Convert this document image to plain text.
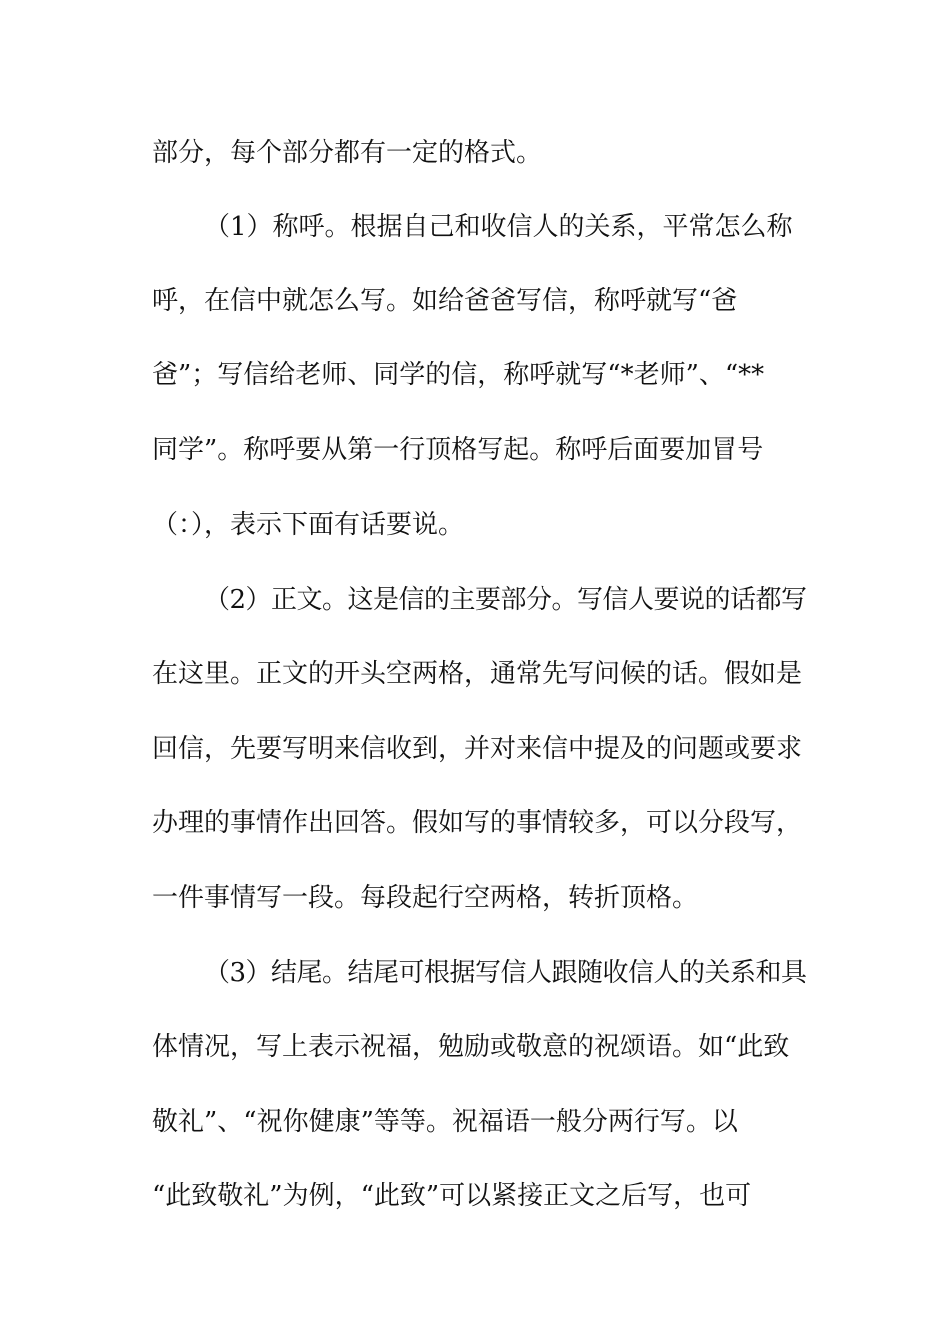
部分，每个部分都有一定的格式。
（1）称呼。根据自己和收信人的关系，平常怎么称
呼，在信中就怎么写。如给爸爸写信，称呼就写“爸
爸”；写信给老师、同学的信，称呼就写“*老师”、“**
同学”。称呼要从第一行顶格写起。称呼后面要加冒号
（：），表示下面有话要说。
（2）正文。这是信的主要部分。写信人要说的话都写
在这里。正文的开头空两格，通常先写问候的话。假如是
回信，先要写明来信收到，并对来信中提及的问题或要求
办理的事情作出回答。假如写的事情较多，可以分段写，
一件事情写一段。每段起行空两格，转折顶格。
（3）结尾。结尾可根据写信人跟随收信人的关系和具
体情况，写上表示祝福，勉励或敬意的祝颂语。如“此致
敬礼”、“祝你健康”等等。祝福语一般分两行写。以
“此致敬礼”为例，“此致”可以紧接正文之后写，也可
